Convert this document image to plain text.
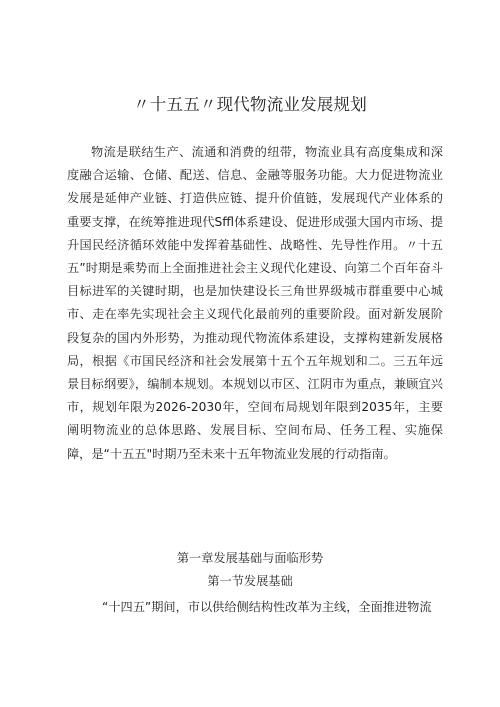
〃十五五〃现代物流业发展规划

物流是联结生产、流通和消费的纽带，物流业具有高度集成和深度融合运输、仓储、配送、信息、金融等服务功能。大力促进物流业发展是延伸产业链、打造供应链、提升价值链，发展现代产业体系的重要支撑，在统筹推进现代Sffl体系建设、促进形成强大国内市场、提升国民经济循环效能中发挥着基础性、战略性、先导性作用。〃十五五”时期是乘势而上全面推进社会主义现代化建设、向第二个百年奋斗目标进军的关键时期，也是加快建设长三角世界级城市群重要中心城市、走在率先实现社会主义现代化最前列的重要阶段。面对新发展阶段复杂的国内外形势，为推动现代物流体系建设，支撑构建新发展格局，根据《市国民经济和社会发展第十五个五年规划和二。三五年远景目标纲要》，编制本规划。本规划以市区、江阴市为重点，兼顾宜兴市，规划年限为2026-2030年，空间布局规划年限到2035年，主要阐明物流业的总体思路、发展目标、空间布局、任务工程、实施保障，是“十五五"时期乃至未来十五年物流业发展的行动指南。

第一章发展基础与面临形势
第一节发展基础

“十四五”期间，市以供给侧结构性改革为主线，全面推进物流
